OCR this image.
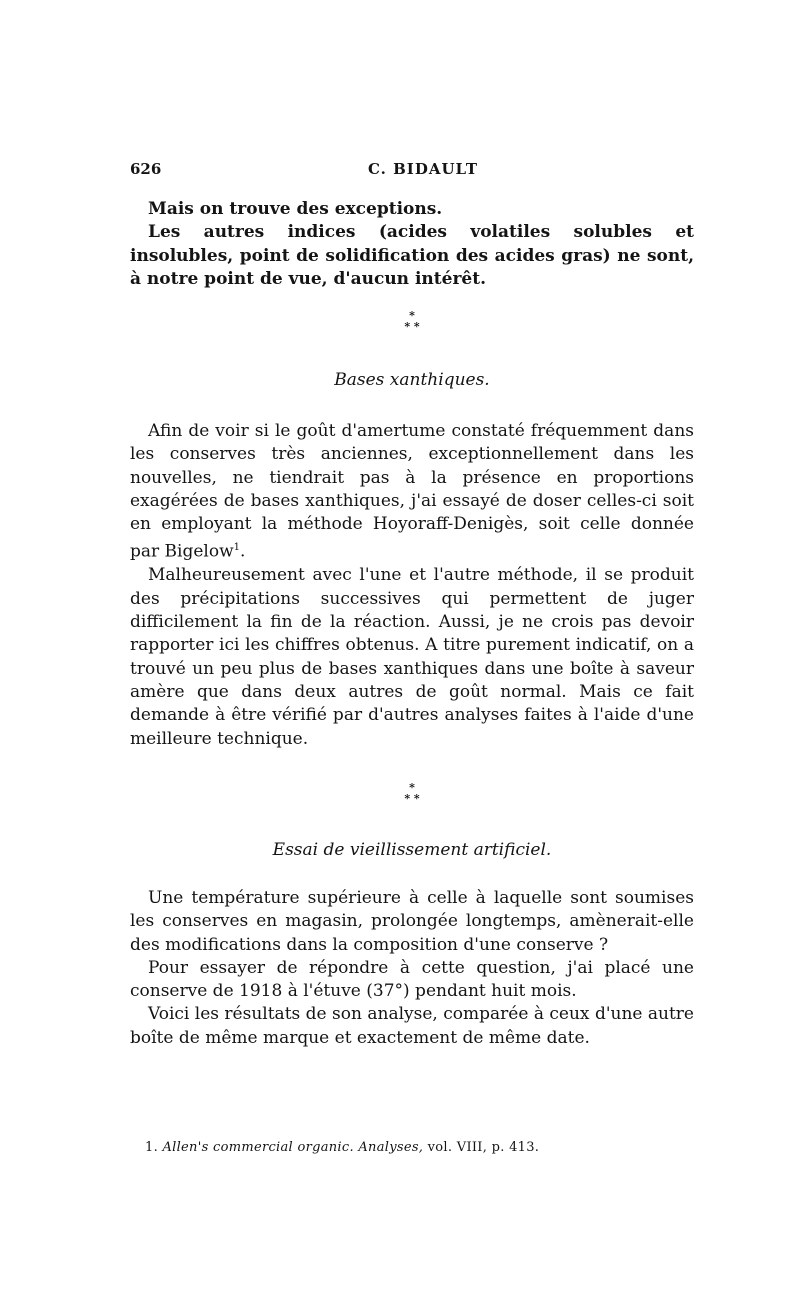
626	C. BIDAULT

Mais on trouve des exceptions.

Les autres indices (acides volatiles solubles et insolubles, point de solidification des acides gras) ne sont, à notre point de vue, d'aucun intérêt.

*
* *
Bases xanthiques.

Afin de voir si le goût d'amertume constaté fréquemment dans les conserves très anciennes, exceptionnellement dans les nouvelles, ne tiendrait pas à la présence en proportions exagérées de bases xanthiques, j'ai essayé de doser celles-ci soit en employant la méthode Hoyoraff-Denigès, soit celle donnée par Bigelow$^1$.

Malheureusement avec l'une et l'autre méthode, il se produit des précipitations successives qui permettent de juger difficilement la fin de la réaction. Aussi, je ne crois pas devoir rapporter ici les chiffres obtenus. A titre purement indicatif, on a trouvé un peu plus de bases xanthiques dans une boîte à saveur amère que dans deux autres de goût normal. Mais ce fait demande à être vérifié par d'autres analyses faites à l'aide d'une meilleure technique.

*
* *
Essai de vieillissement artificiel.

Une température supérieure à celle à laquelle sont soumises les conserves en magasin, prolongée longtemps, amènerait-elle des modifications dans la composition d'une conserve ?

Pour essayer de répondre à cette question, j'ai placé une conserve de 1918 à l'étuve (37°) pendant huit mois.

Voici les résultats de son analyse, comparée à ceux d'une autre boîte de même marque et exactement de même date.

1. Allen's commercial organic. Analyses, vol. VIII, p. 413.
